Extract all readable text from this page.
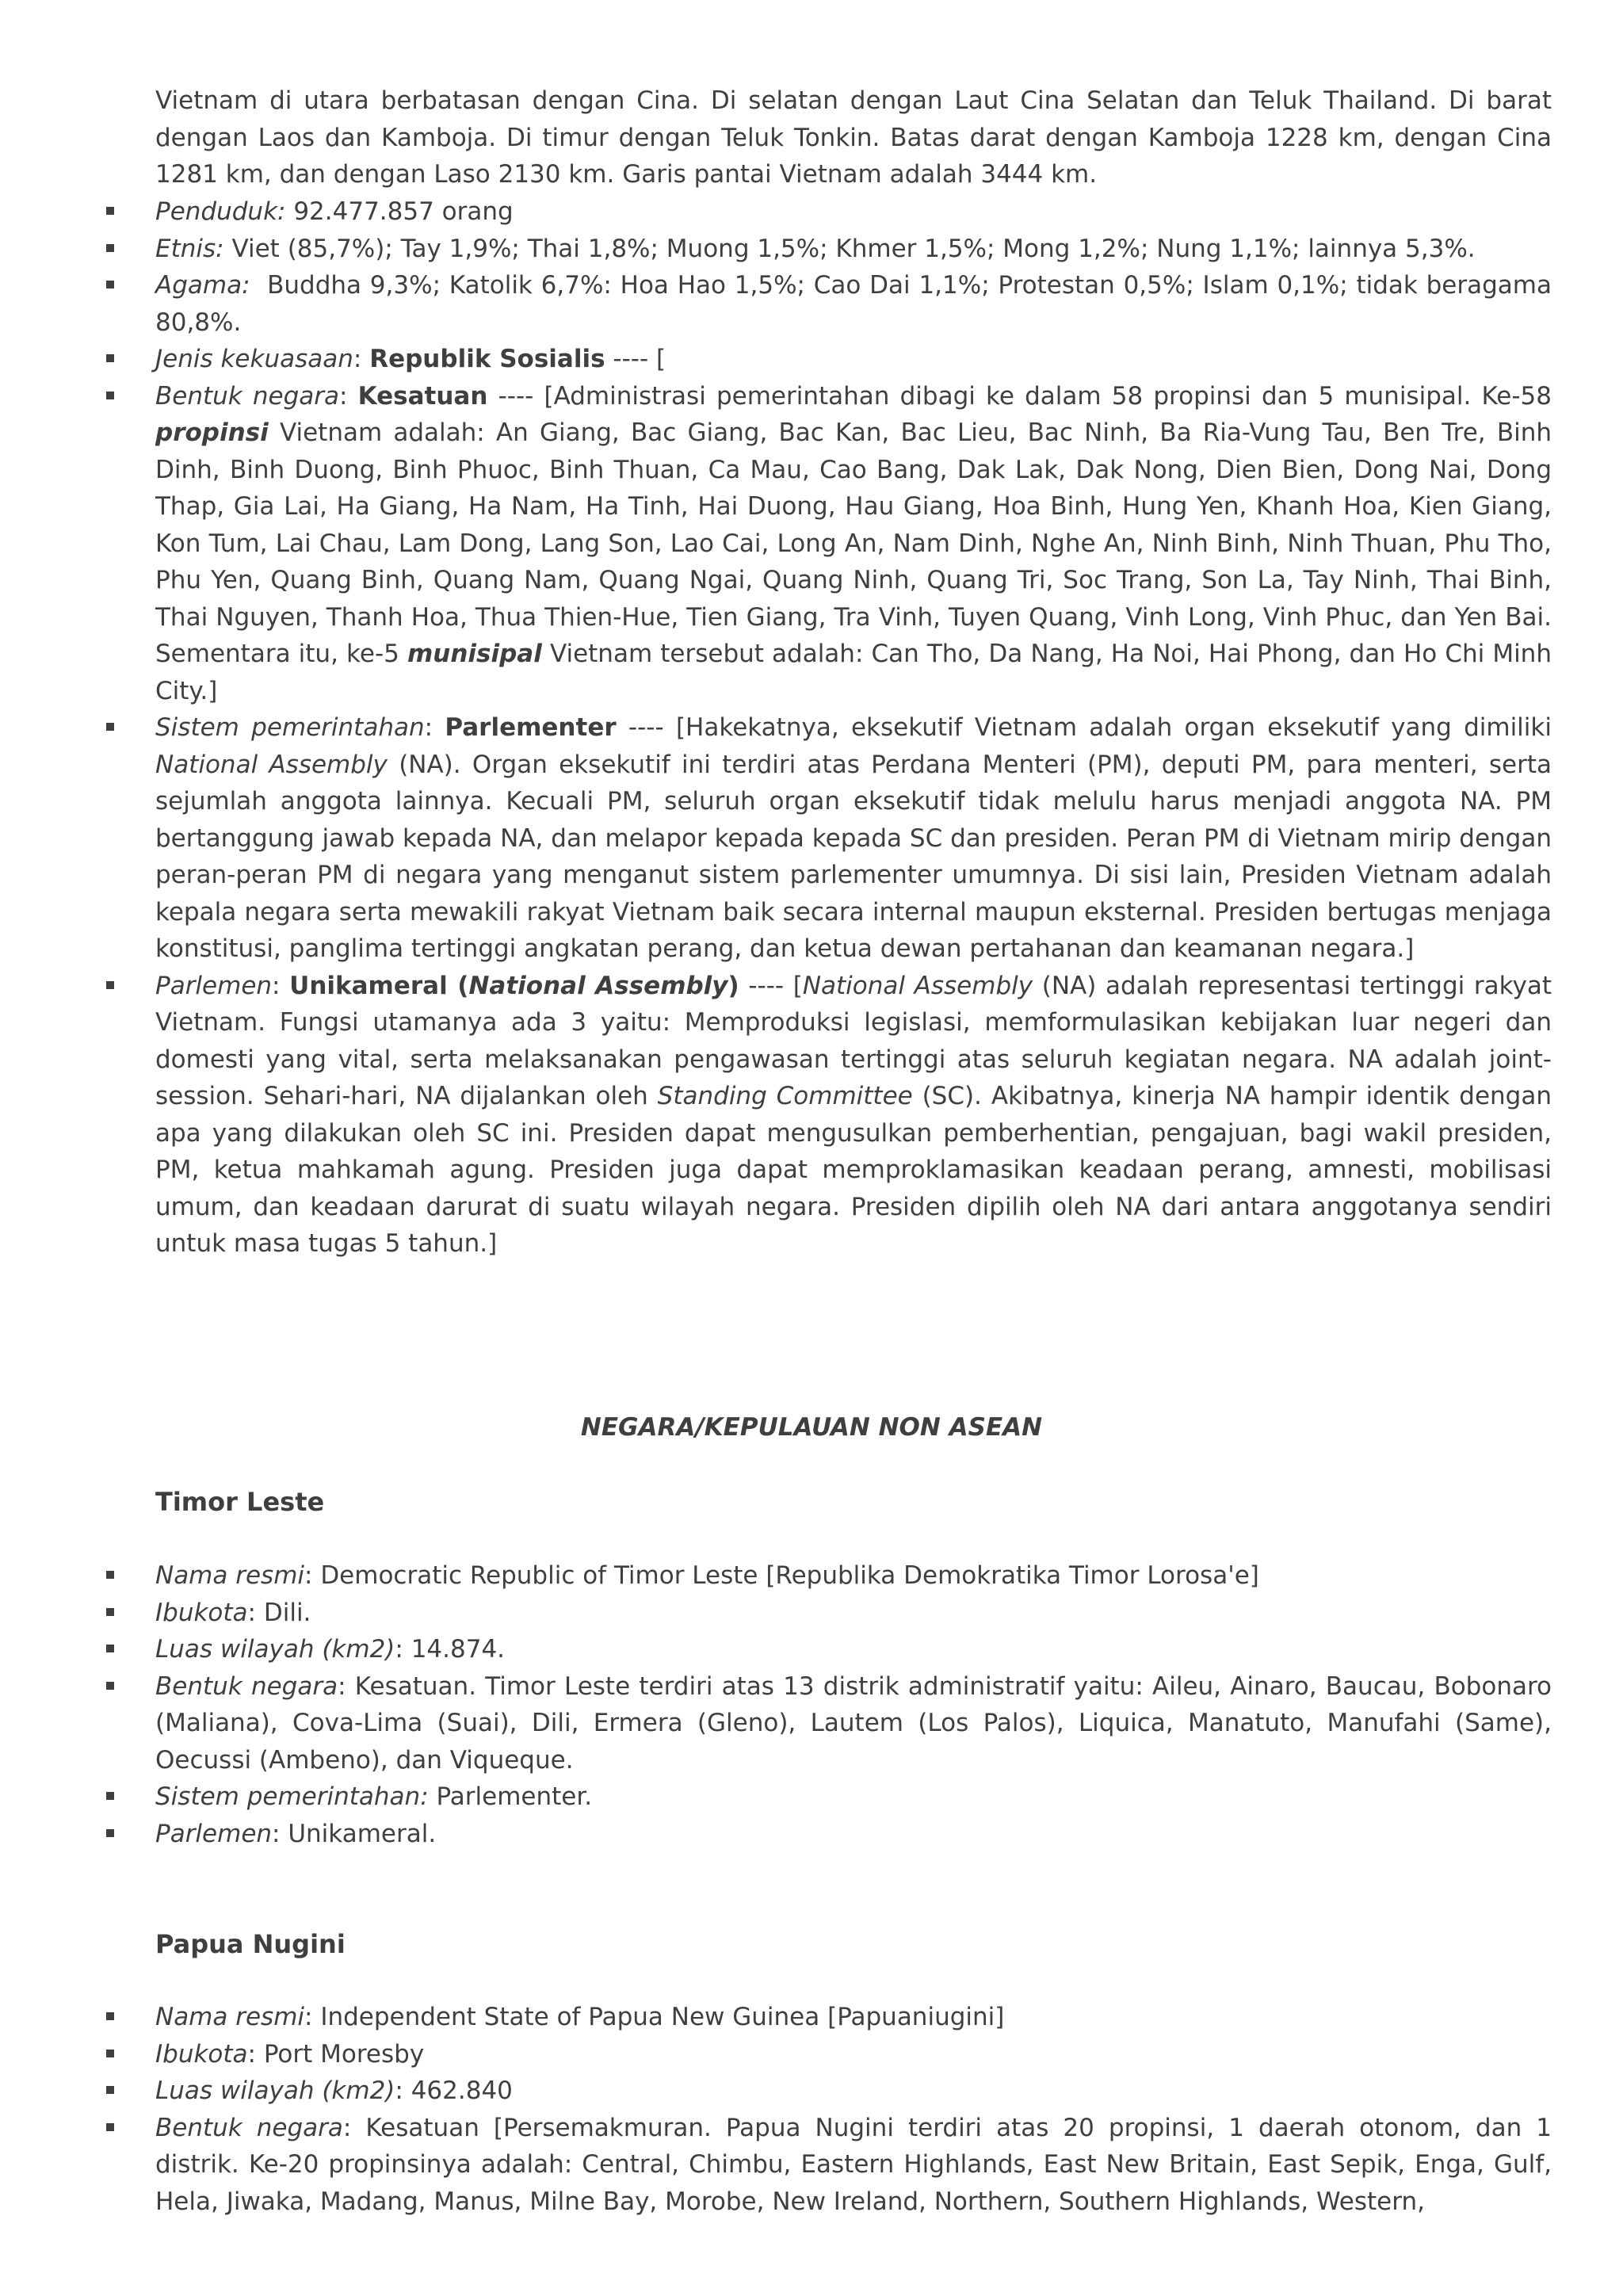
Vietnam di utara berbatasan dengan Cina. Di selatan dengan Laut Cina Selatan dan Teluk Thailand. Di barat dengan Laos dan Kamboja. Di timur dengan Teluk Tonkin. Batas darat dengan Kamboja 1228 km, dengan Cina 1281 km, dan dengan Laso 2130 km. Garis pantai Vietnam adalah 3444 km.
Penduduk: 92.477.857 orang
Etnis: Viet (85,7%); Tay 1,9%; Thai 1,8%; Muong 1,5%; Khmer 1,5%; Mong 1,2%; Nung 1,1%; lainnya 5,3%.
Agama: Buddha 9,3%; Katolik 6,7%: Hoa Hao 1,5%; Cao Dai 1,1%; Protestan 0,5%; Islam 0,1%; tidak beragama 80,8%.
Jenis kekuasaan: Republik Sosialis ---- [
Bentuk negara: Kesatuan ---- [Administrasi pemerintahan dibagi ke dalam 58 propinsi dan 5 munisipal. Ke-58 propinsi Vietnam adalah: An Giang, Bac Giang, Bac Kan, Bac Lieu, Bac Ninh, Ba Ria-Vung Tau, Ben Tre, Binh Dinh, Binh Duong, Binh Phuoc, Binh Thuan, Ca Mau, Cao Bang, Dak Lak, Dak Nong, Dien Bien, Dong Nai, Dong Thap, Gia Lai, Ha Giang, Ha Nam, Ha Tinh, Hai Duong, Hau Giang, Hoa Binh, Hung Yen, Khanh Hoa, Kien Giang, Kon Tum, Lai Chau, Lam Dong, Lang Son, Lao Cai, Long An, Nam Dinh, Nghe An, Ninh Binh, Ninh Thuan, Phu Tho, Phu Yen, Quang Binh, Quang Nam, Quang Ngai, Quang Ninh, Quang Tri, Soc Trang, Son La, Tay Ninh, Thai Binh, Thai Nguyen, Thanh Hoa, Thua Thien-Hue, Tien Giang, Tra Vinh, Tuyen Quang, Vinh Long, Vinh Phuc, dan Yen Bai. Sementara itu, ke-5 munisipal Vietnam tersebut adalah: Can Tho, Da Nang, Ha Noi, Hai Phong, dan Ho Chi Minh City.]
Sistem pemerintahan: Parlementer ---- [Hakekatnya, eksekutif Vietnam adalah organ eksekutif yang dimiliki National Assembly (NA). Organ eksekutif ini terdiri atas Perdana Menteri (PM), deputi PM, para menteri, serta sejumlah anggota lainnya. Kecuali PM, seluruh organ eksekutif tidak melulu harus menjadi anggota NA. PM bertanggung jawab kepada NA, dan melapor kepada kepada SC dan presiden. Peran PM di Vietnam mirip dengan peran-peran PM di negara yang menganut sistem parlementer umumnya. Di sisi lain, Presiden Vietnam adalah kepala negara serta mewakili rakyat Vietnam baik secara internal maupun eksternal. Presiden bertugas menjaga konstitusi, panglima tertinggi angkatan perang, dan ketua dewan pertahanan dan keamanan negara.]
Parlemen: Unikameral (National Assembly) ---- [National Assembly (NA) adalah representasi tertinggi rakyat Vietnam. Fungsi utamanya ada 3 yaitu: Memproduksi legislasi, memformulasikan kebijakan luar negeri dan domesti yang vital, serta melaksanakan pengawasan tertinggi atas seluruh kegiatan negara. NA adalah joint-session. Sehari-hari, NA dijalankan oleh Standing Committee (SC). Akibatnya, kinerja NA hampir identik dengan apa yang dilakukan oleh SC ini. Presiden dapat mengusulkan pemberhentian, pengajuan, bagi wakil presiden, PM, ketua mahkamah agung. Presiden juga dapat memproklamasikan keadaan perang, amnesti, mobilisasi umum, dan keadaan darurat di suatu wilayah negara. Presiden dipilih oleh NA dari antara anggotanya sendiri untuk masa tugas 5 tahun.]
NEGARA/KEPULAUAN NON ASEAN
Timor Leste
Nama resmi: Democratic Republic of Timor Leste [Republika Demokratika Timor Lorosa'e]
Ibukota: Dili.
Luas wilayah (km2): 14.874.
Bentuk negara: Kesatuan. Timor Leste terdiri atas 13 distrik administratif yaitu: Aileu, Ainaro, Baucau, Bobonaro (Maliana), Cova-Lima (Suai), Dili, Ermera (Gleno), Lautem (Los Palos), Liquica, Manatuto, Manufahi (Same), Oecussi (Ambeno), dan Viqueque.
Sistem pemerintahan: Parlementer.
Parlemen: Unikameral.
Papua Nugini
Nama resmi: Independent State of Papua New Guinea [Papuaniugini]
Ibukota: Port Moresby
Luas wilayah (km2): 462.840
Bentuk negara: Kesatuan [Persemakmuran. Papua Nugini terdiri atas 20 propinsi, 1 daerah otonom, dan 1 distrik. Ke-20 propinsinya adalah: Central, Chimbu, Eastern Highlands, East New Britain, East Sepik, Enga, Gulf, Hela, Jiwaka, Madang, Manus, Milne Bay, Morobe, New Ireland, Northern, Southern Highlands, Western,
